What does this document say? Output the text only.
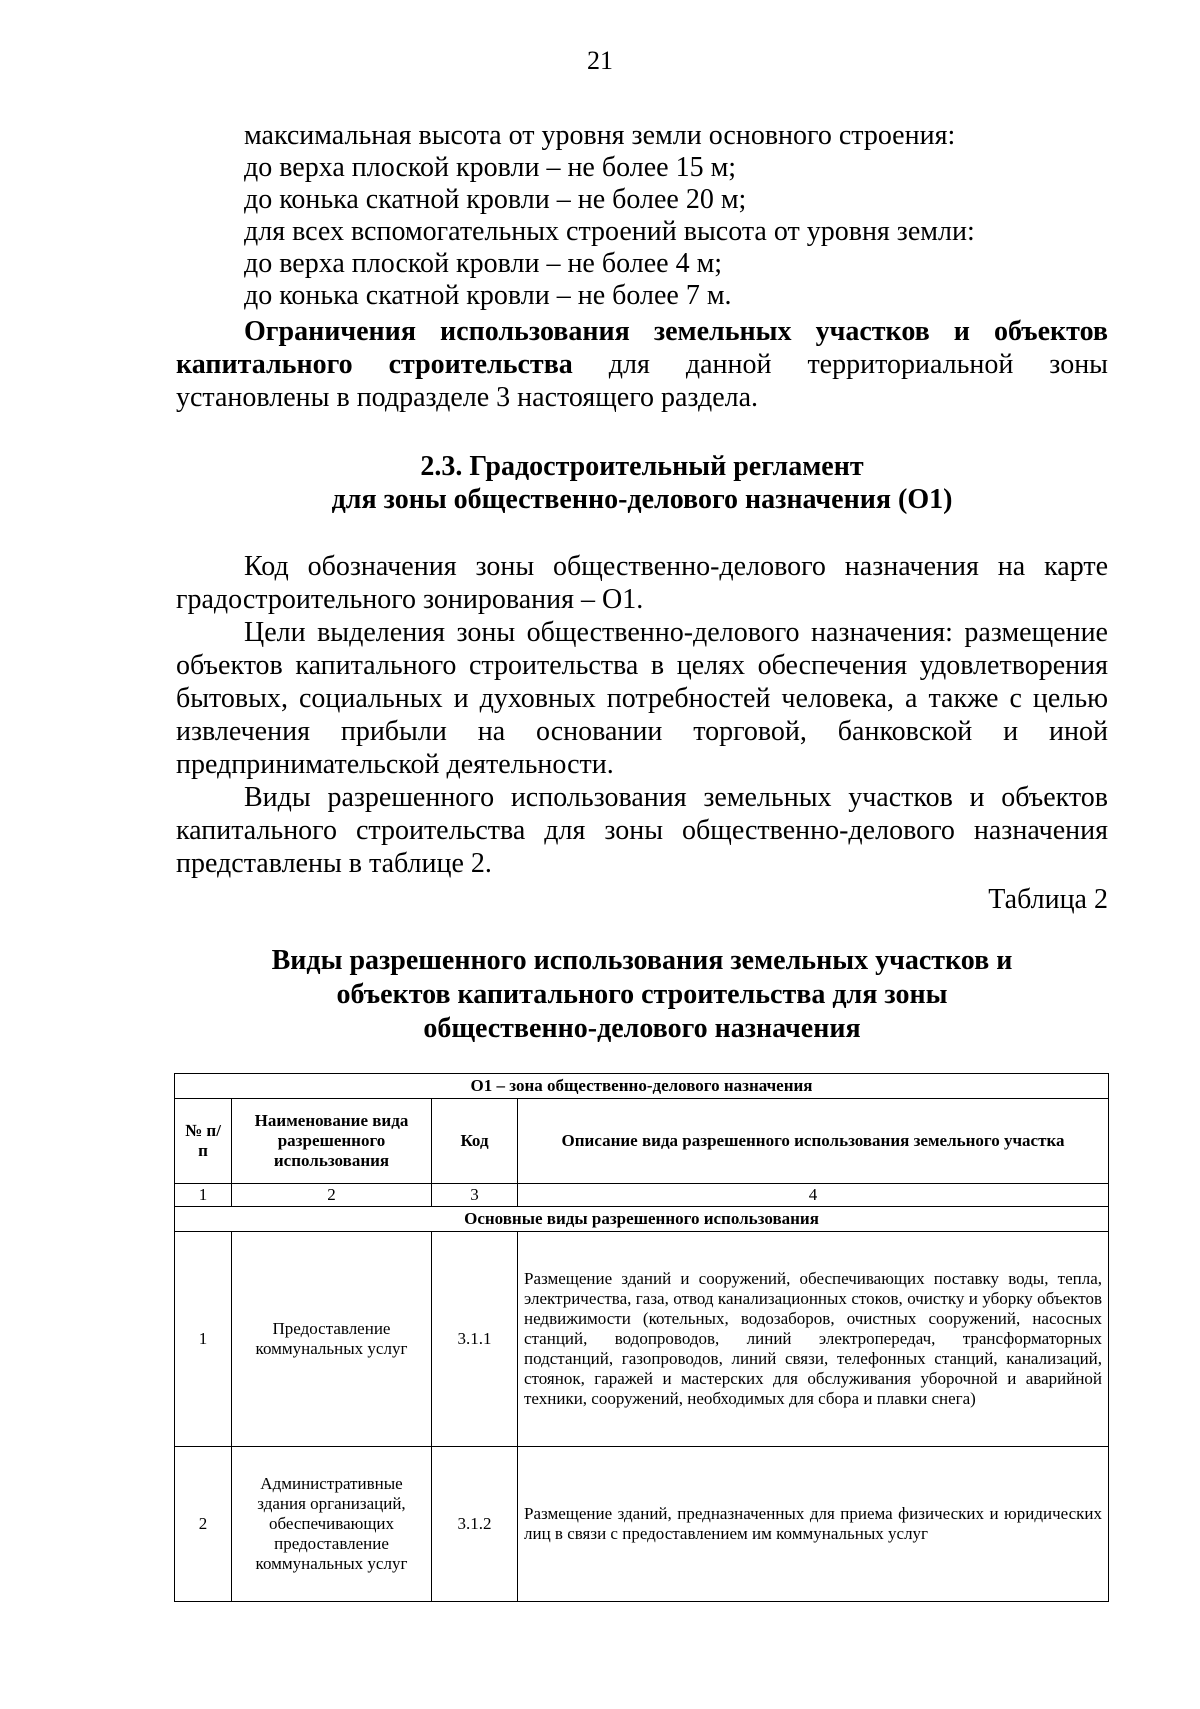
21

максимальная высота от уровня земли основного строения:

до верха плоской кровли – не более 15 м;

до конька скатной кровли – не более 20 м;

для всех вспомогательных строений высота от уровня земли:

до верха плоской кровли – не более 4 м;

до конька скатной кровли – не более 7 м.

Ограничения использования земельных участков и объектов капитального строительства для данной территориальной зоны установлены в подразделе 3 настоящего раздела.

2.3. Градостроительный регламент
для зоны общественно-делового назначения (О1)

Код обозначения зоны общественно-делового назначения на карте градостроительного зонирования – О1.

Цели выделения зоны общественно-делового назначения: размещение объектов капитального строительства в целях обеспечения удовлетворения бытовых, социальных и духовных потребностей человека, а также с целью извлечения прибыли на основании торговой, банковской и иной предпринимательской деятельности.

Виды разрешенного использования земельных участков и объектов капитального строительства для зоны общественно-делового назначения представлены в таблице 2.

Таблица 2
Виды разрешенного использования земельных участков и
объектов капитального строительства для зоны
общественно-делового назначения
О1 – зона общественно-делового назначения			
№ п/п	Наименование вида разрешенного использования	Код	Описание вида разрешенного использования земельного участка
1	2	3	4
Основные виды разрешенного использования			
1	Предоставление коммунальных услуг	3.1.1	Размещение зданий и сооружений, обеспечивающих поставку воды, тепла, электричества, газа, отвод канализационных стоков, очистку и уборку объектов недвижимости (котельных, водозаборов, очистных сооружений, насосных станций, водопроводов, линий электропередач, трансформаторных подстанций, газопроводов, линий связи, телефонных станций, канализаций, стоянок, гаражей и мастерских для обслуживания уборочной и аварийной техники, сооружений, необходимых для сбора и плавки снега)
2	Административные здания организаций, обеспечивающих предоставление коммунальных услуг	3.1.2	Размещение зданий, предназначенных для приема физических и юридических лиц в связи с предоставлением им коммунальных услуг
